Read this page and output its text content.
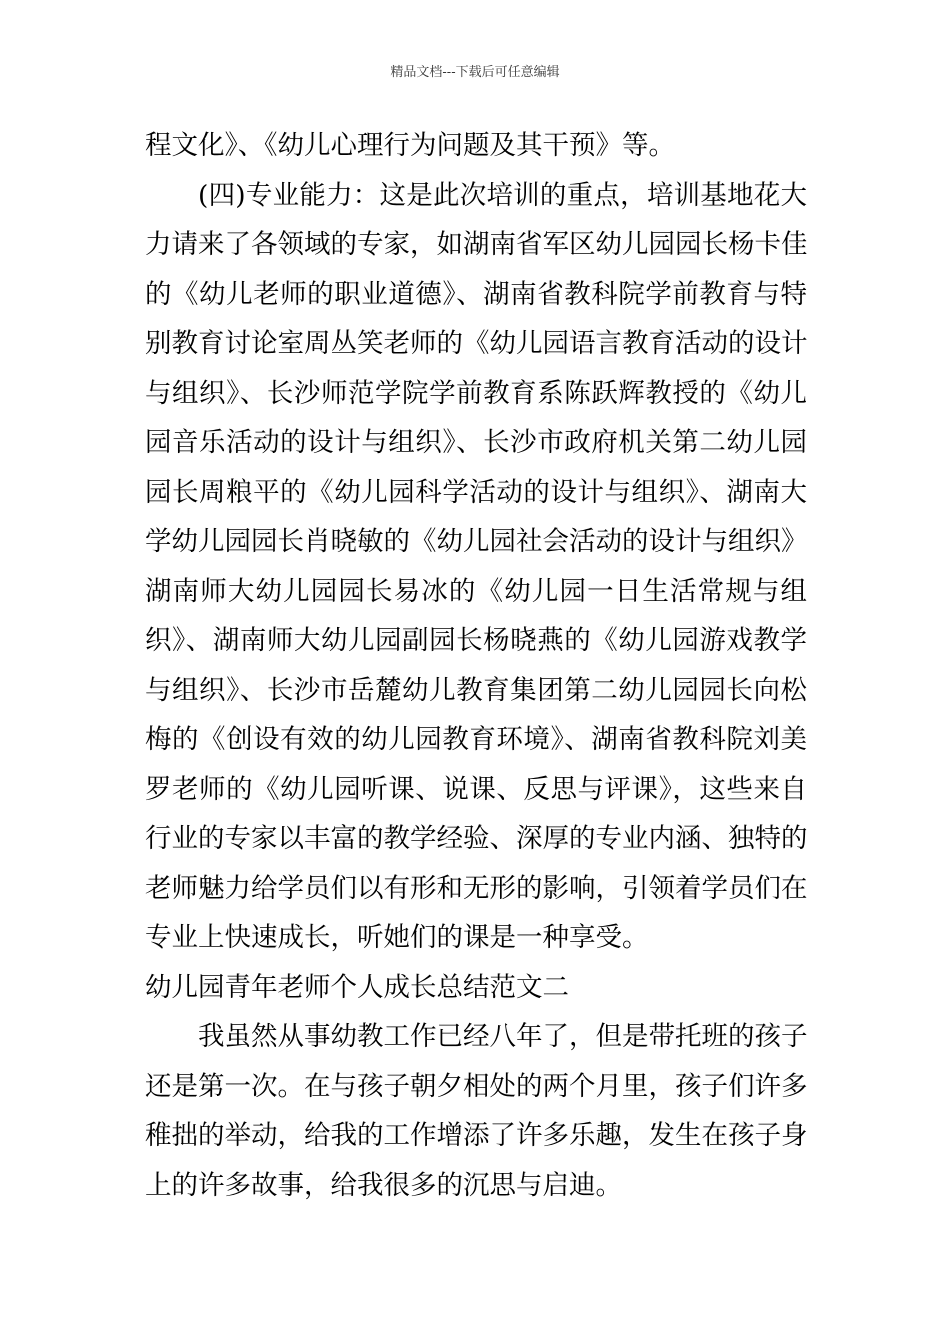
精品文档---下载后可任意编辑
程文化》、《幼儿心理行为问题及其干预》等。
(四)专业能力：这是此次培训的重点，培训基地花大
力请来了各领域的专家，如湖南省军区幼儿园园长杨卡佳
的《幼儿老师的职业道德》、湖南省教科院学前教育与特
别教育讨论室周丛笑老师的《幼儿园语言教育活动的设计
与组织》、长沙师范学院学前教育系陈跃辉教授的《幼儿
园音乐活动的设计与组织》、长沙市政府机关第二幼儿园
园长周粮平的《幼儿园科学活动的设计与组织》、湖南大
学幼儿园园长肖晓敏的《幼儿园社会活动的设计与组织》
湖南师大幼儿园园长易冰的《幼儿园一日生活常规与组
织》、湖南师大幼儿园副园长杨晓燕的《幼儿园游戏教学
与组织》、长沙市岳麓幼儿教育集团第二幼儿园园长向松
梅的《创设有效的幼儿园教育环境》、湖南省教科院刘美
罗老师的《幼儿园听课、说课、反思与评课》，这些来自
行业的专家以丰富的教学经验、深厚的专业内涵、独特的
老师魅力给学员们以有形和无形的影响，引领着学员们在
专业上快速成长，听她们的课是一种享受。
幼儿园青年老师个人成长总结范文二
我虽然从事幼教工作已经八年了，但是带托班的孩子
还是第一次。在与孩子朝夕相处的两个月里，孩子们许多
稚拙的举动，给我的工作增添了许多乐趣，发生在孩子身
上的许多故事，给我很多的沉思与启迪。
